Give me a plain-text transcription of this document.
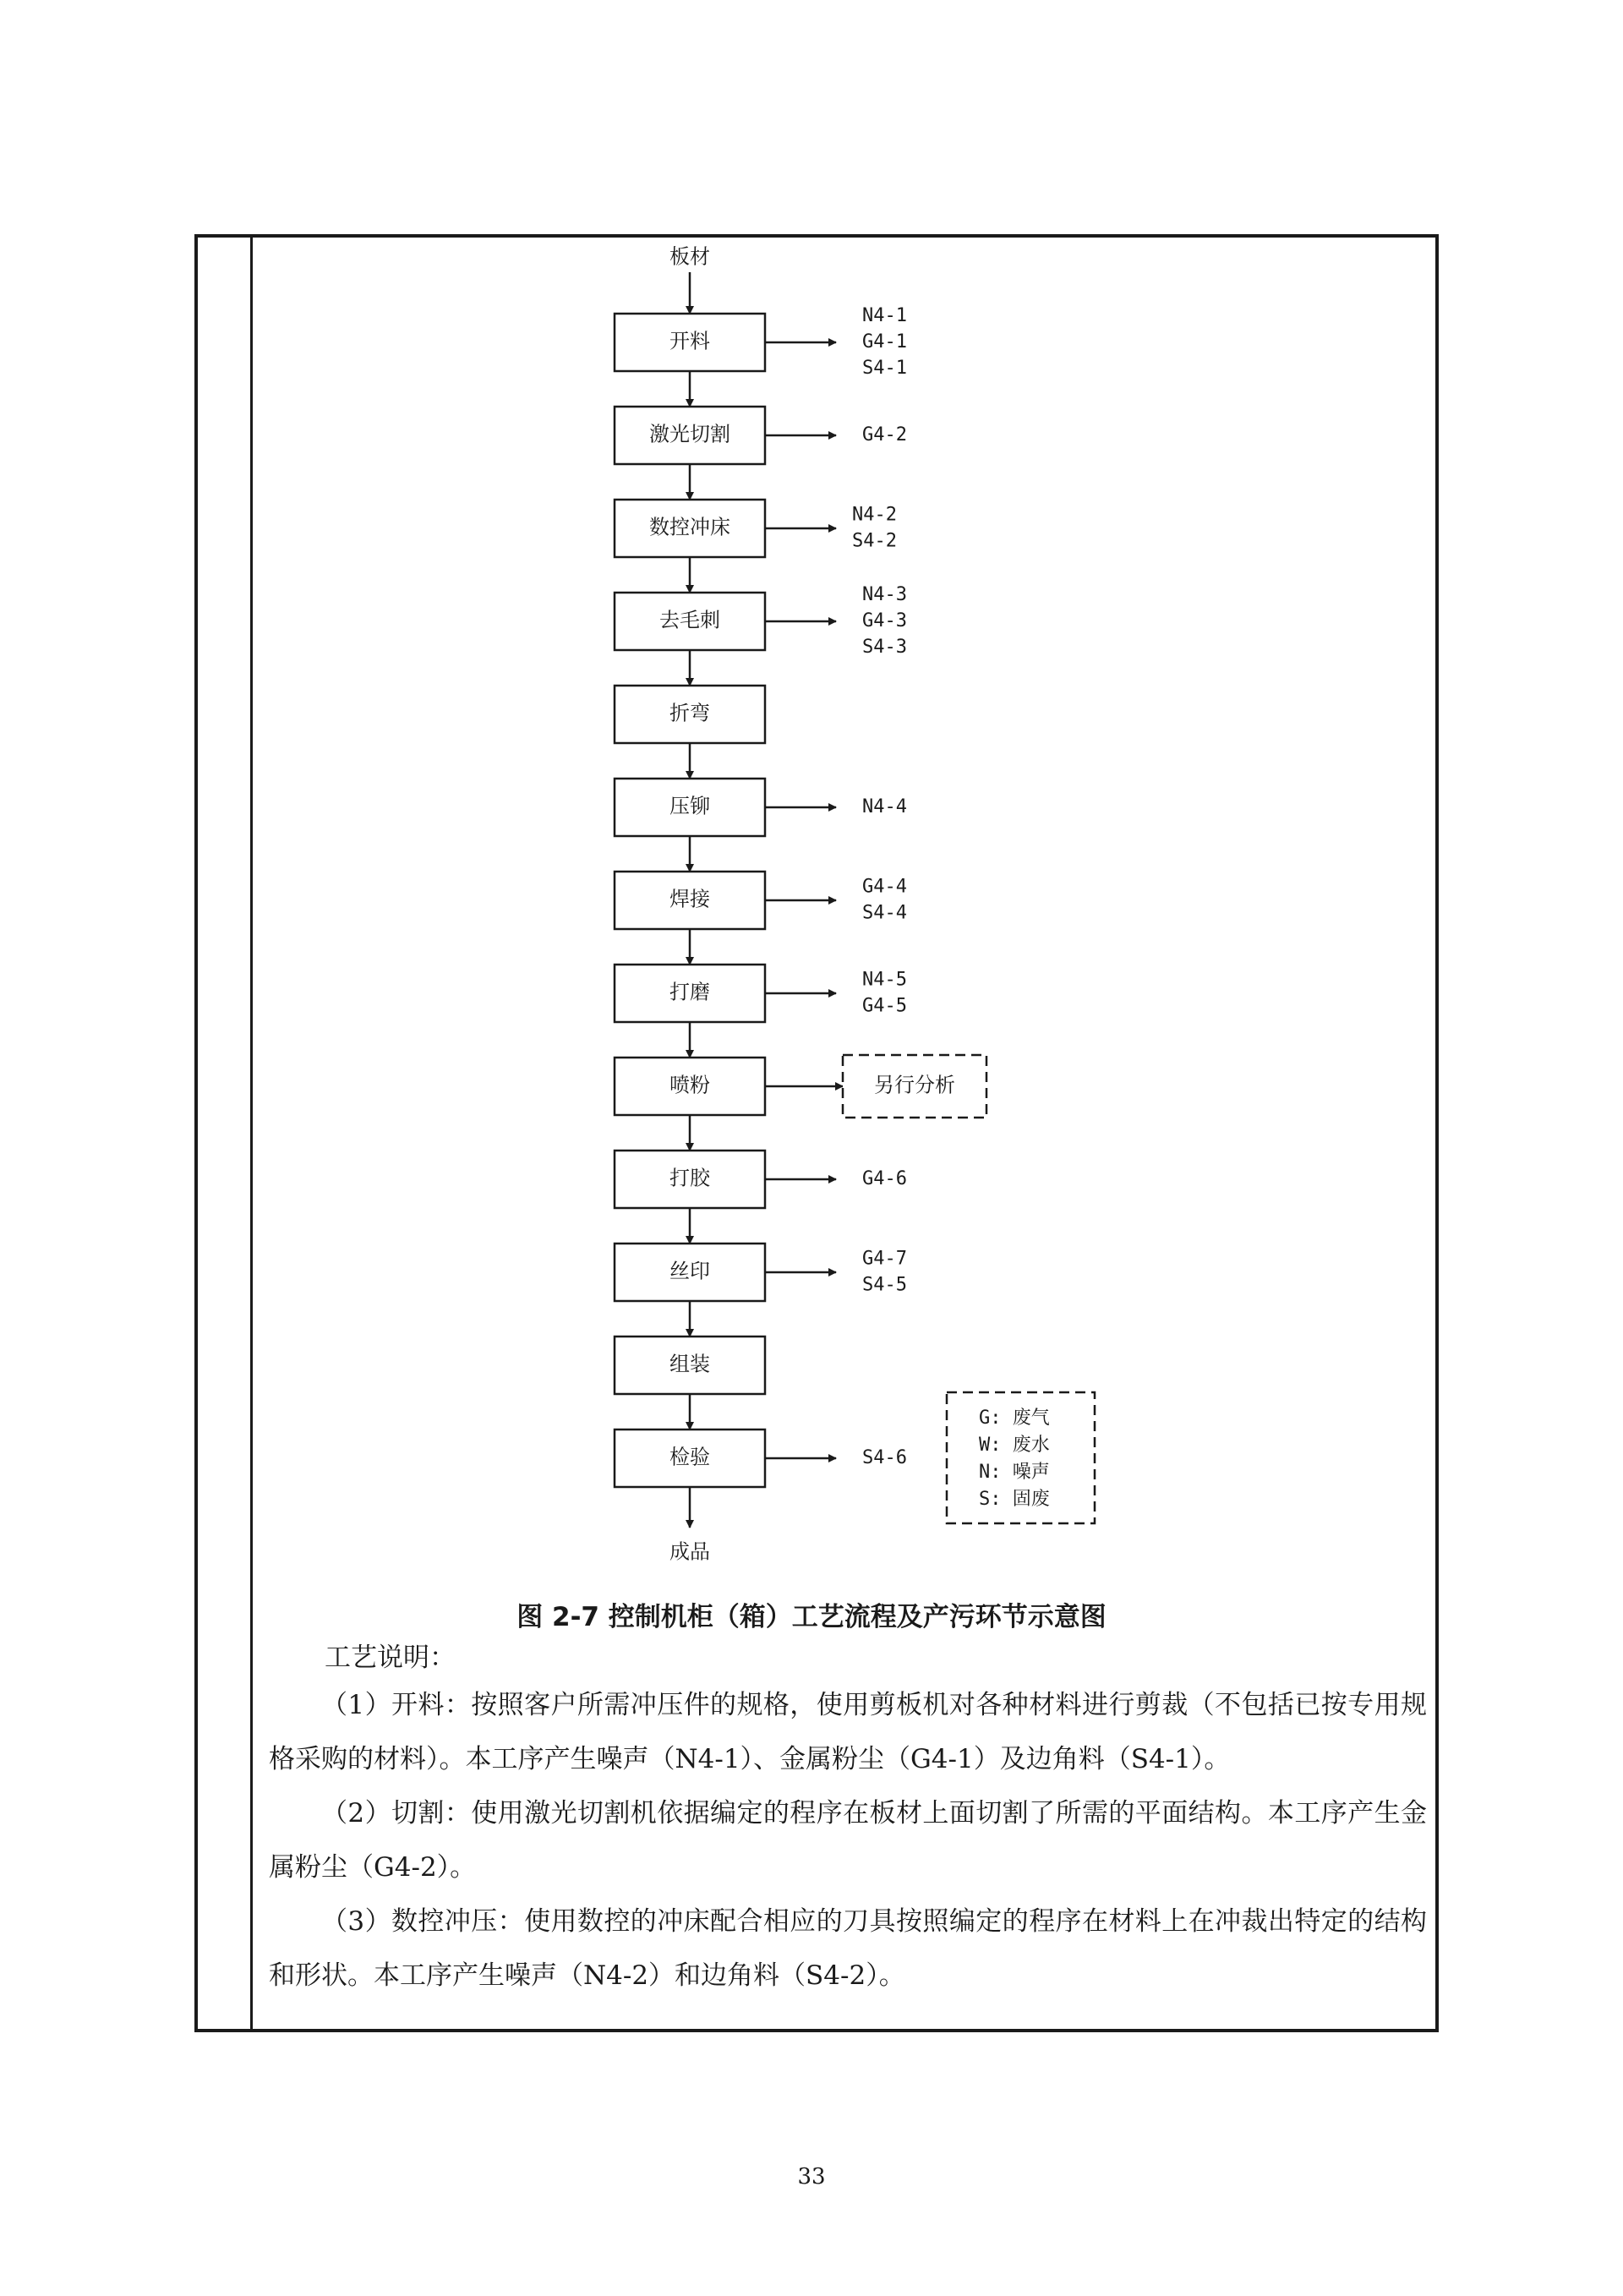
板材
开料
N4-1
G4-1
S4-1
激光切割	G4-2
数控冲床
N4-2
S4-2
去毛刺
N4-3
G4-3
S4-3
折弯
压铆	N4-4
焊接
G4-4
S4-4
打磨
N4-5
G4-5
喷粉	另行分析
打胶	G4-6
丝印
G4-7
S4-5
组装
检验	S4-6
成品
G: 废气
W: 废水
N: 噪声
S: 固废
图 2-7 控制机柜（箱）工艺流程及产污环节示意图
工艺说明：
（1）开料：按照客户所需冲压件的规格，使用剪板机对各种材料进行剪裁（不包括已按专用规格采购的材料）。本工序产生噪声（N4-1）、金属粉尘（G4-1）及边角料（S4-1）。
（2）切割：使用激光切割机依据编定的程序在板材上面切割了所需的平面结构。本工序产生金属粉尘（G4-2）。
（3）数控冲压：使用数控的冲床配合相应的刀具按照编定的程序在材料上在冲裁出特定的结构和形状。本工序产生噪声（N4-2）和边角料（S4-2）。
33
